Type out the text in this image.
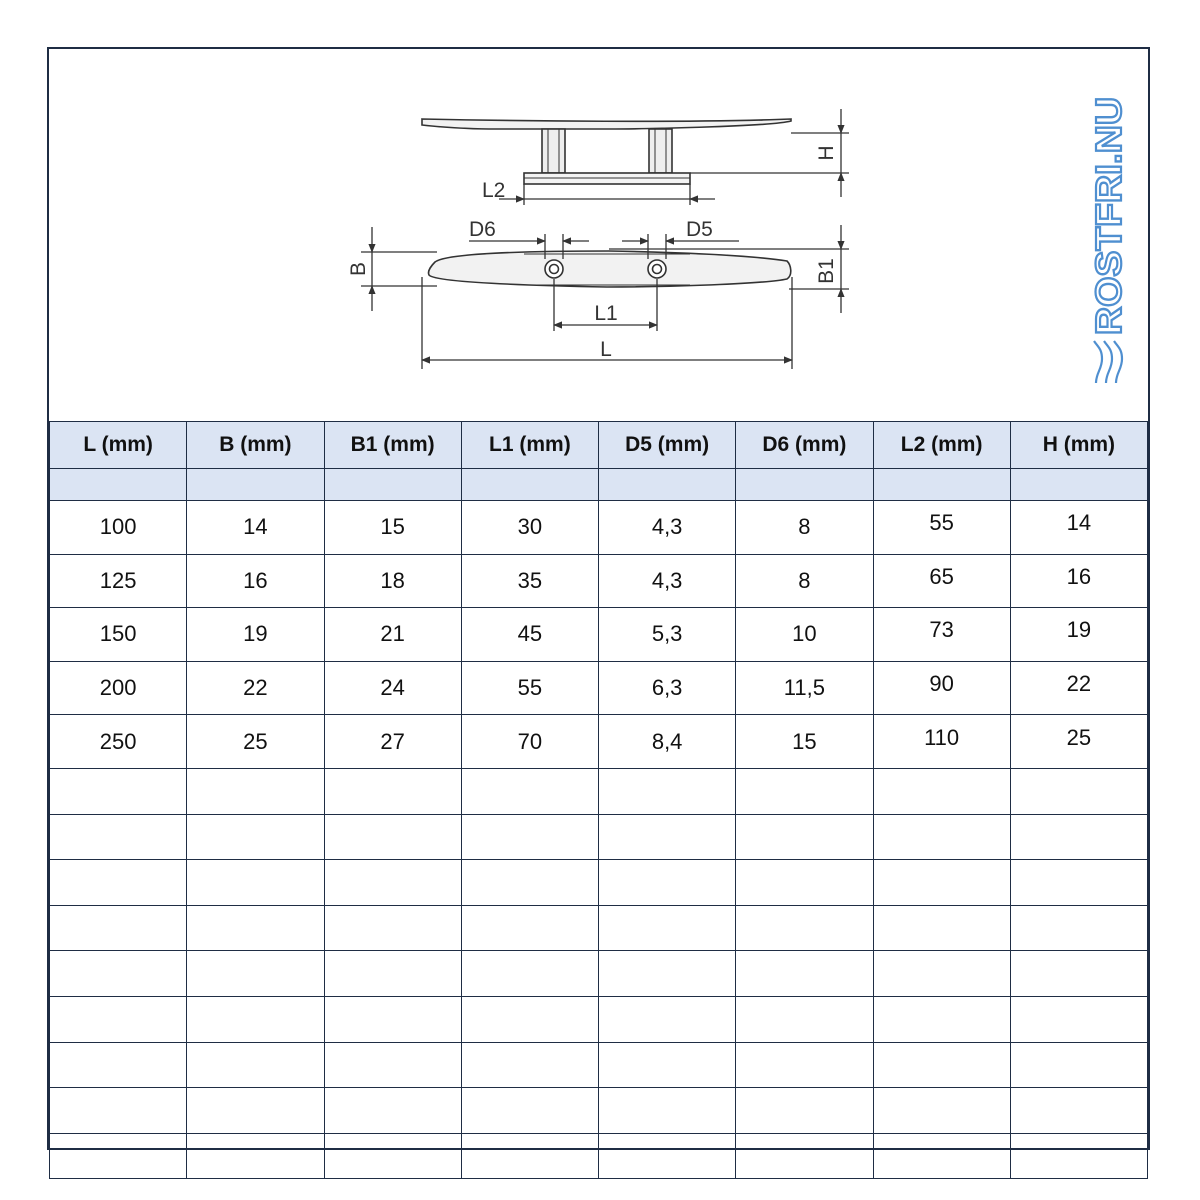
H
L2
D6	D5
B	B1
L1
L
ROSTFRI.NU
L (mm)	B (mm)	B1 (mm)	L1 (mm)	D5 (mm)	D6 (mm)	L2 (mm)	H (mm)

100	14	15	30	4,3	8	55	14
125	16	18	35	4,3	8	65	16
150	19	21	45	5,3	10	73	19
200	22	24	55	6,3	11,5	90	22
250	25	27	70	8,4	15	110	25
